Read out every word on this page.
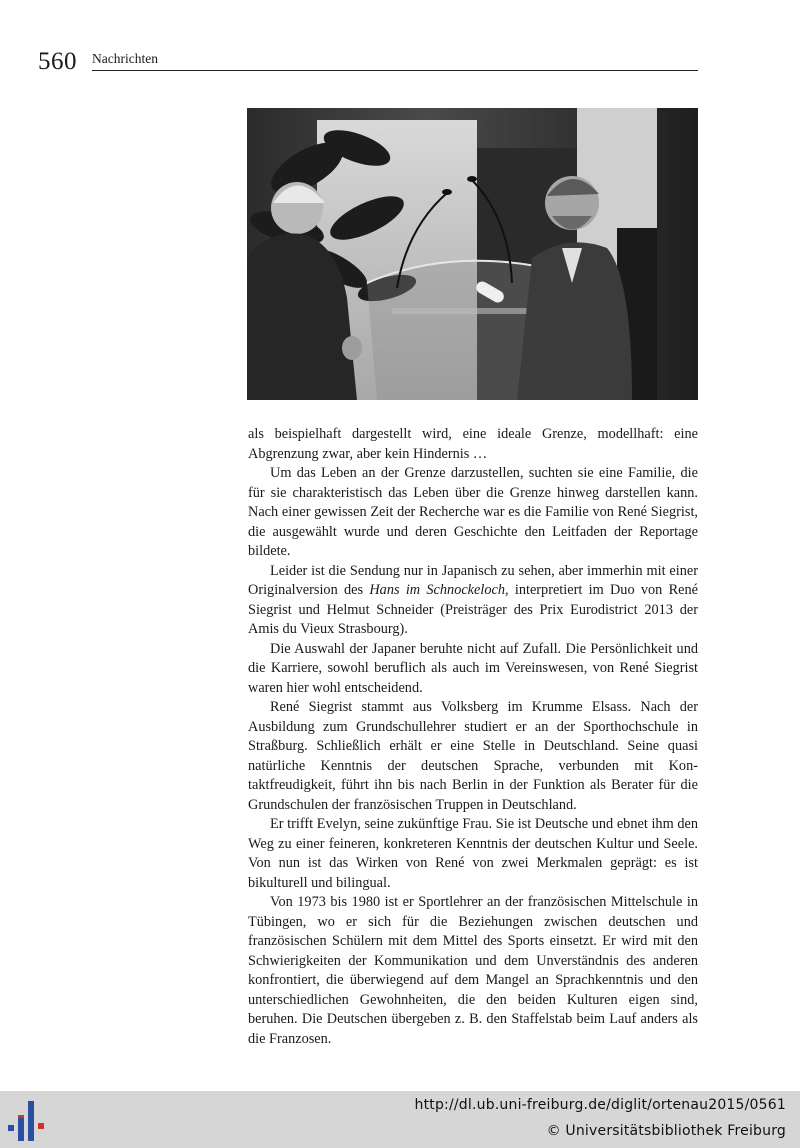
560 Nachrichten

als beispielhaft dargestellt wird, eine ideale Grenze, modellhaft: eine Abgrenzung zwar, aber kein Hindernis …

Um das Leben an der Grenze darzustellen, suchten sie eine Familie, die für sie charakteristisch das Leben über die Grenze hinweg darstellen kann. Nach einer gewissen Zeit der Recherche war es die Familie von René Siegrist, die ausgewählt wurde und deren Geschichte den Leitfaden der Reportage bildete.

Leider ist die Sendung nur in Japanisch zu sehen, aber immerhin mit einer Originalversion des Hans im Schnockeloch, interpretiert im Duo von René Siegrist und Helmut Schneider (Preisträger des Prix Eurodistrict 2013 der Amis du Vieux Strasbourg).

Die Auswahl der Japaner beruhte nicht auf Zufall. Die Persönlichkeit und die Karriere, sowohl beruflich als auch im Vereinswesen, von René Siegrist waren hier wohl entscheidend.

René Siegrist stammt aus Volksberg im Krumme Elsass. Nach der Ausbildung zum Grundschullehrer studiert er an der Sporthochschule in Straßburg. Schließlich erhält er eine Stelle in Deutschland. Seine quasi natürliche Kenntnis der deutschen Sprache, verbunden mit Kontaktfreudigkeit, führt ihn bis nach Berlin in der Funktion als Berater für die Grundschulen der französischen Truppen in Deutschland.

Er trifft Evelyn, seine zukünftige Frau. Sie ist Deutsche und ebnet ihm den Weg zu einer feineren, konkreteren Kenntnis der deutschen Kultur und Seele. Von nun ist das Wirken von René von zwei Merkmalen geprägt: es ist bikulturell und bilingual.

Von 1973 bis 1980 ist er Sportlehrer an der französischen Mittelschule in Tübingen, wo er sich für die Beziehungen zwischen deutschen und französischen Schülern mit dem Mittel des Sports einsetzt. Er wird mit den Schwierigkeiten der Kommunikation und dem Unverständnis des anderen konfrontiert, die überwiegend auf dem Mangel an Sprachkenntnis und den unterschiedlichen Gewohnheiten, die den beiden Kulturen eigen sind, beruhen. Die Deutschen übergeben z. B. den Staffelstab beim Lauf anders als die Franzosen.

http://dl.ub.uni-freiburg.de/diglit/ortenau2015/0561
© Universitätsbibliothek Freiburg
